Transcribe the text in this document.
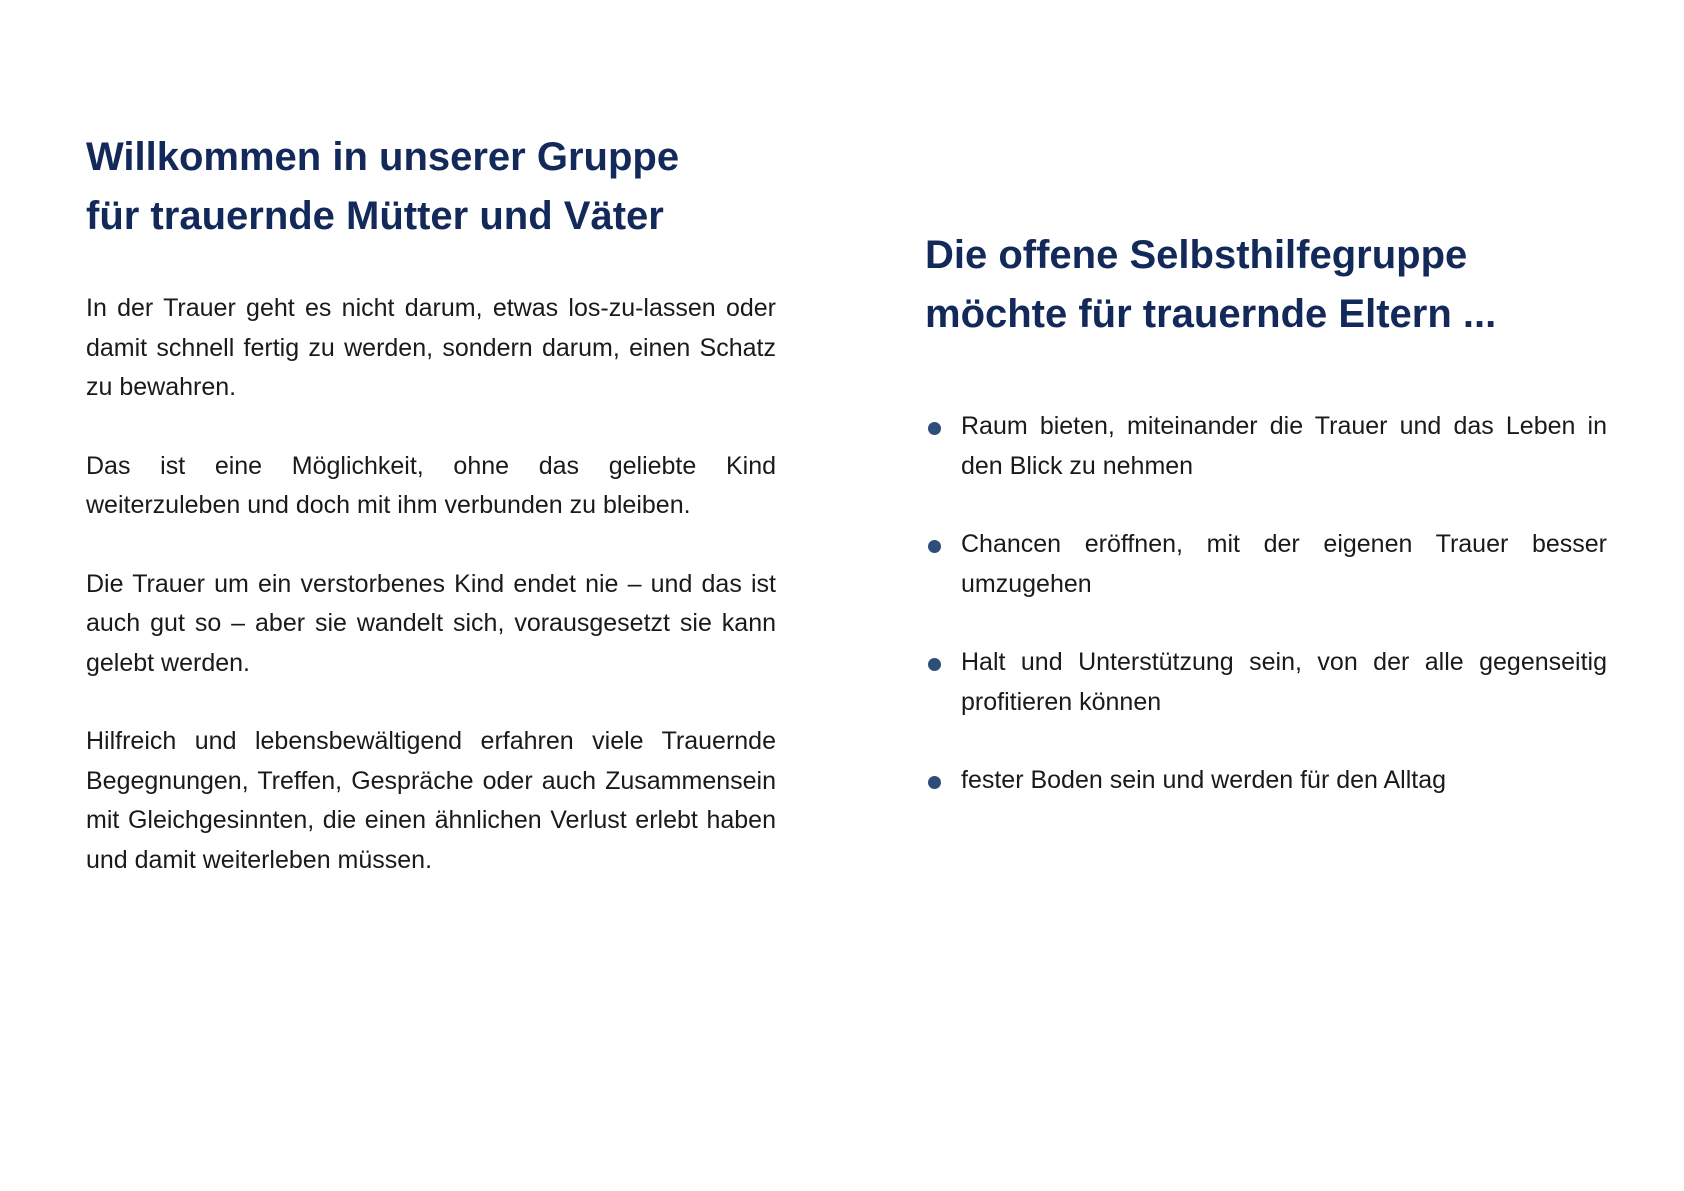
Willkommen in unserer Gruppe
für trauernde Mütter und Väter

In der Trauer geht es nicht darum, etwas los-zu-lassen oder damit schnell fertig zu werden, sondern darum, einen Schatz zu bewahren.

Das ist eine Möglichkeit, ohne das geliebte Kind weiterzuleben und doch mit ihm verbunden zu bleiben.

Die Trauer um ein verstorbenes Kind endet nie – und das ist auch gut so – aber sie wandelt sich, vorausgesetzt sie kann gelebt werden.

Hilfreich und lebensbewältigend erfahren viele Trauernde Begegnungen, Treffen, Gespräche oder auch Zusammensein mit Gleichgesinnten, die einen ähnlichen Verlust erlebt haben und damit weiterleben müssen.

Die offene Selbsthilfegruppe
möchte für trauernde Eltern ...
Raum bieten, miteinander die Trauer und das Leben in den Blick zu nehmen
Chancen eröffnen, mit der eigenen Trauer besser umzugehen
Halt und Unterstützung sein, von der alle gegenseitig profitieren können
fester Boden sein und werden für den Alltag
